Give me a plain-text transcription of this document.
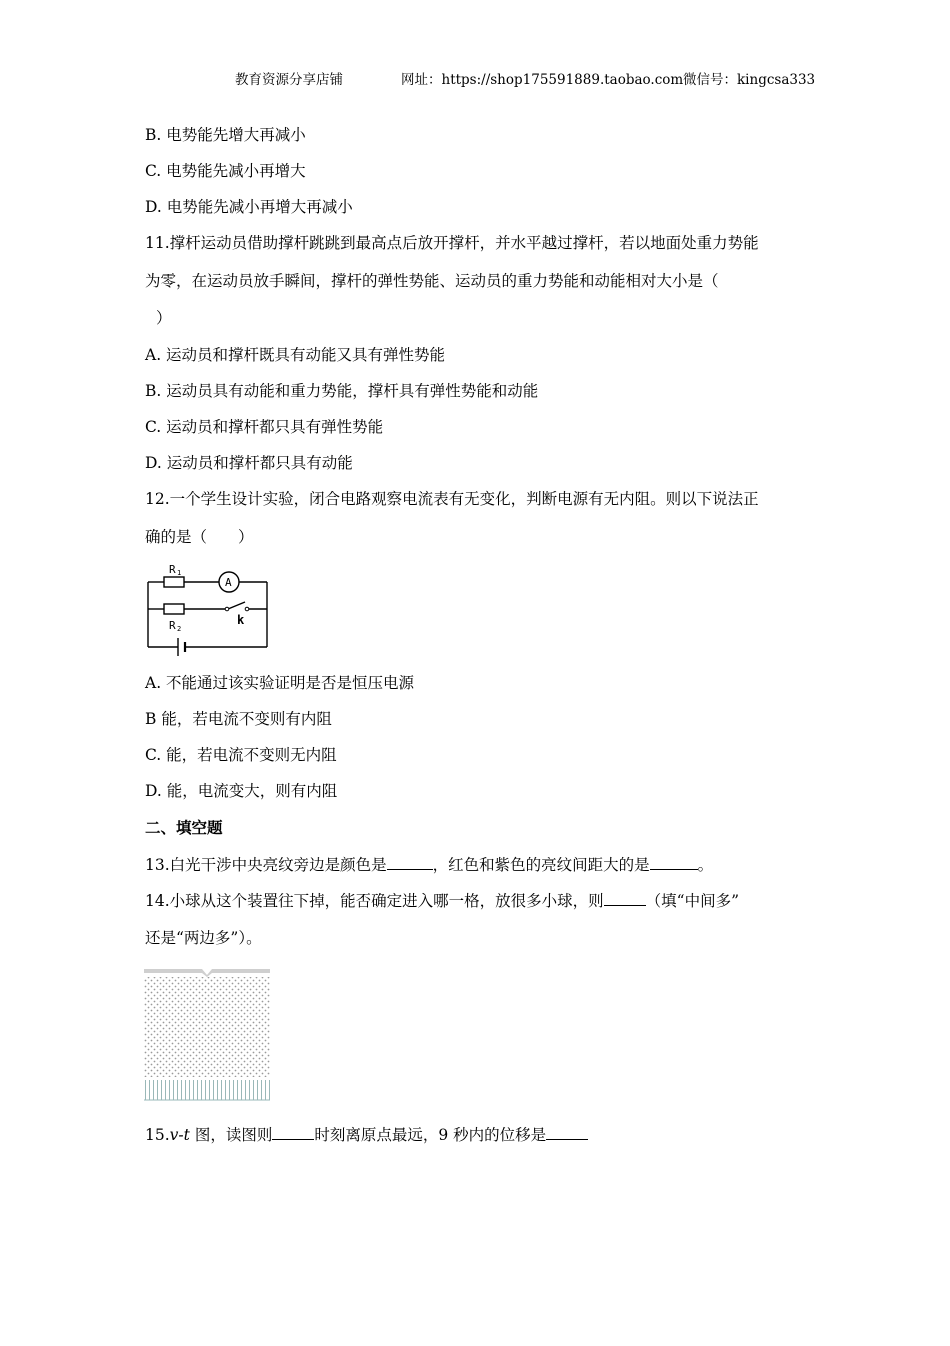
教育资源分享店铺	网址：https://shop175591889.taobao.com 微信号：kingcsa333
B. 电势能先增大再减小
C. 电势能先减小再增大
D. 电势能先减小再增大再减小
11.撑杆运动员借助撑杆跳跳到最高点后放开撑杆，并水平越过撑杆，若以地面处重力势能
为零，在运动员放手瞬间，撑杆的弹性势能、运动员的重力势能和动能相对大小是（
）
A. 运动员和撑杆既具有动能又具有弹性势能
B. 运动员具有动能和重力势能，撑杆具有弹性势能和动能
C. 运动员和撑杆都只具有弹性势能
D. 运动员和撑杆都只具有动能
12.一个学生设计实验，闭合电路观察电流表有无变化，判断电源有无内阻。则以下说法正
确的是（　　）
R 1
R 2
A
k
A. 不能通过该实验证明是否是恒压电源
B 能，若电流不变则有内阻
C. 能，若电流不变则无内阻
D. 能，电流变大，则有内阻
二、填空题
13.白光干涉中央亮纹旁边是颜色是	，红色和紫色的亮纹间距大的是	。
14.小球从这个装置往下掉，能否确定进入哪一格，放很多小球，则	（填“中间多”
还是“两边多”）。
15.v-t 图，读图则	时刻离原点最远，9 秒内的位移是
